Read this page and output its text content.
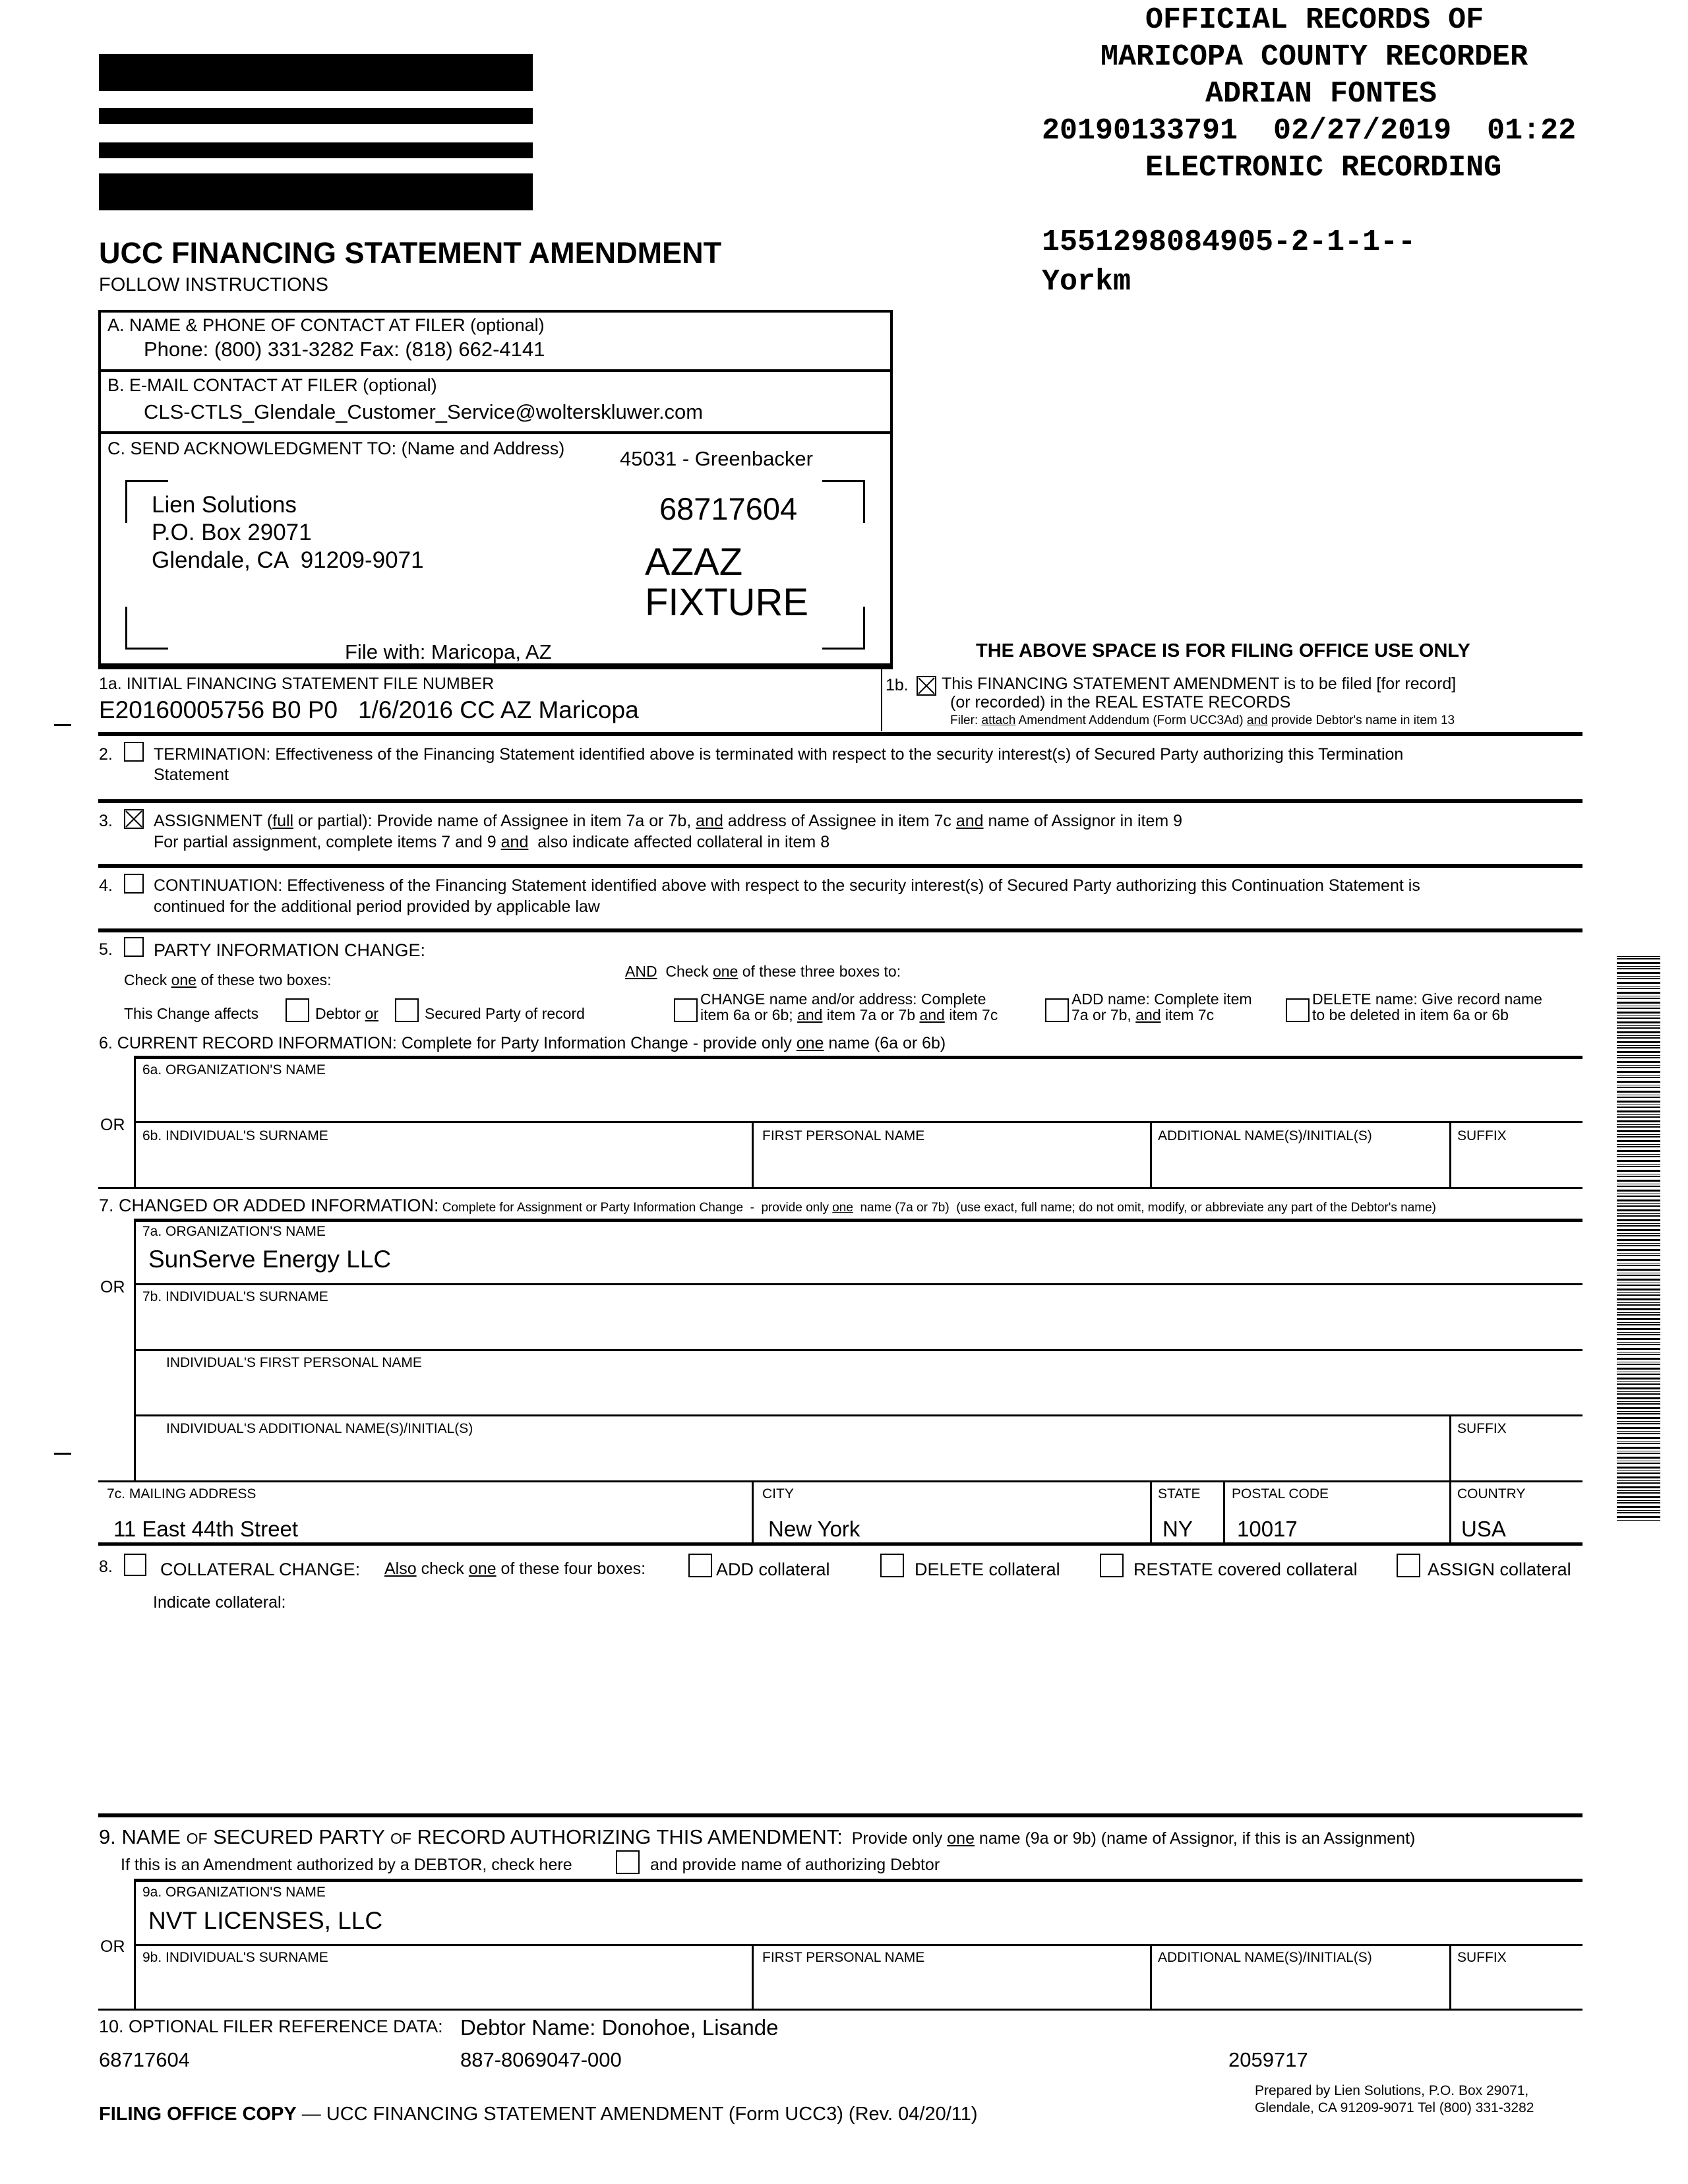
OFFICIAL RECORDS OF
MARICOPA COUNTY RECORDER
ADRIAN FONTES
20190133791  02/27/2019  01:22
ELECTRONIC RECORDING
1551298084905-2-1-1--
Yorkm
UCC FINANCING STATEMENT AMENDMENT
FOLLOW INSTRUCTIONS
A. NAME & PHONE OF CONTACT AT FILER (optional)
Phone: (800) 331-3282 Fax: (818) 662-4141
B. E-MAIL CONTACT AT FILER (optional)
CLS-CTLS_Glendale_Customer_Service@wolterskluwer.com
C. SEND ACKNOWLEDGMENT TO: (Name and Address)	45031 - Greenbacker
Lien Solutions
P.O. Box 29071
Glendale, CA  91209-9071
68717604
AZAZ
FIXTURE
File with: Maricopa, AZ	THE ABOVE SPACE IS FOR FILING OFFICE USE ONLY
1a. INITIAL FINANCING STATEMENT FILE NUMBER
E20160005756 B0 P0   1/6/2016 CC AZ Maricopa
1b. This FINANCING STATEMENT AMENDMENT is to be filed [for record]
(or recorded) in the REAL ESTATE RECORDS
Filer: attach Amendment Addendum (Form UCC3Ad) and provide Debtor's name in item 13
2. TERMINATION: Effectiveness of the Financing Statement identified above is terminated with respect to the security interest(s) of Secured Party authorizing this Termination
Statement
3. ASSIGNMENT (full or partial): Provide name of Assignee in item 7a or 7b, and address of Assignee in item 7c and name of Assignor in item 9
For partial assignment, complete items 7 and 9 and  also indicate affected collateral in item 8
4. CONTINUATION: Effectiveness of the Financing Statement identified above with respect to the security interest(s) of Secured Party authorizing this Continuation Statement is
continued for the additional period provided by applicable law
5. PARTY INFORMATION CHANGE:
Check one of these two boxes:	AND  Check one of these three boxes to:
This Change affects	Debtor or	Secured Party of record
CHANGE name and/or address: Complete
item 6a or 6b; and item 7a or 7b and item 7c
ADD name: Complete item
7a or 7b, and item 7c
DELETE name: Give record name
to be deleted in item 6a or 6b
6. CURRENT RECORD INFORMATION: Complete for Party Information Change - provide only one name (6a or 6b)
6a. ORGANIZATION'S NAME
OR
6b. INDIVIDUAL'S SURNAME	FIRST PERSONAL NAME	ADDITIONAL NAME(S)/INITIAL(S)	SUFFIX
7. CHANGED OR ADDED INFORMATION: Complete for Assignment or Party Information Change  -  provide only one  name (7a or 7b)  (use exact, full name; do not omit, modify, or abbreviate any part of the Debtor's name)
7a. ORGANIZATION'S NAME
SunServe Energy LLC
OR
7b. INDIVIDUAL'S SURNAME
INDIVIDUAL'S FIRST PERSONAL NAME
INDIVIDUAL'S ADDITIONAL NAME(S)/INITIAL(S)	SUFFIX
7c. MAILING ADDRESS
11 East 44th Street
CITY
New York
STATE
NY
POSTAL CODE
10017
COUNTRY
USA
8.	COLLATERAL CHANGE: Also check one of these four boxes:	ADD collateral	DELETE collateral	RESTATE covered collateral	ASSIGN collateral
Indicate collateral:
9. NAME OF SECURED PARTY OF RECORD AUTHORIZING THIS AMENDMENT:  Provide only one name (9a or 9b) (name of Assignor, if this is an Assignment)
If this is an Amendment authorized by a DEBTOR, check here	and provide name of authorizing Debtor
9a. ORGANIZATION'S NAME
NVT LICENSES, LLC
OR
9b. INDIVIDUAL'S SURNAME	FIRST PERSONAL NAME	ADDITIONAL NAME(S)/INITIAL(S)	SUFFIX
10. OPTIONAL FILER REFERENCE DATA: Debtor Name: Donohoe, Lisande
68717604	887-8069047-000	2059717
FILING OFFICE COPY — UCC FINANCING STATEMENT AMENDMENT (Form UCC3) (Rev. 04/20/11)
Prepared by Lien Solutions, P.O. Box 29071,
Glendale, CA 91209-9071 Tel (800) 331-3282
